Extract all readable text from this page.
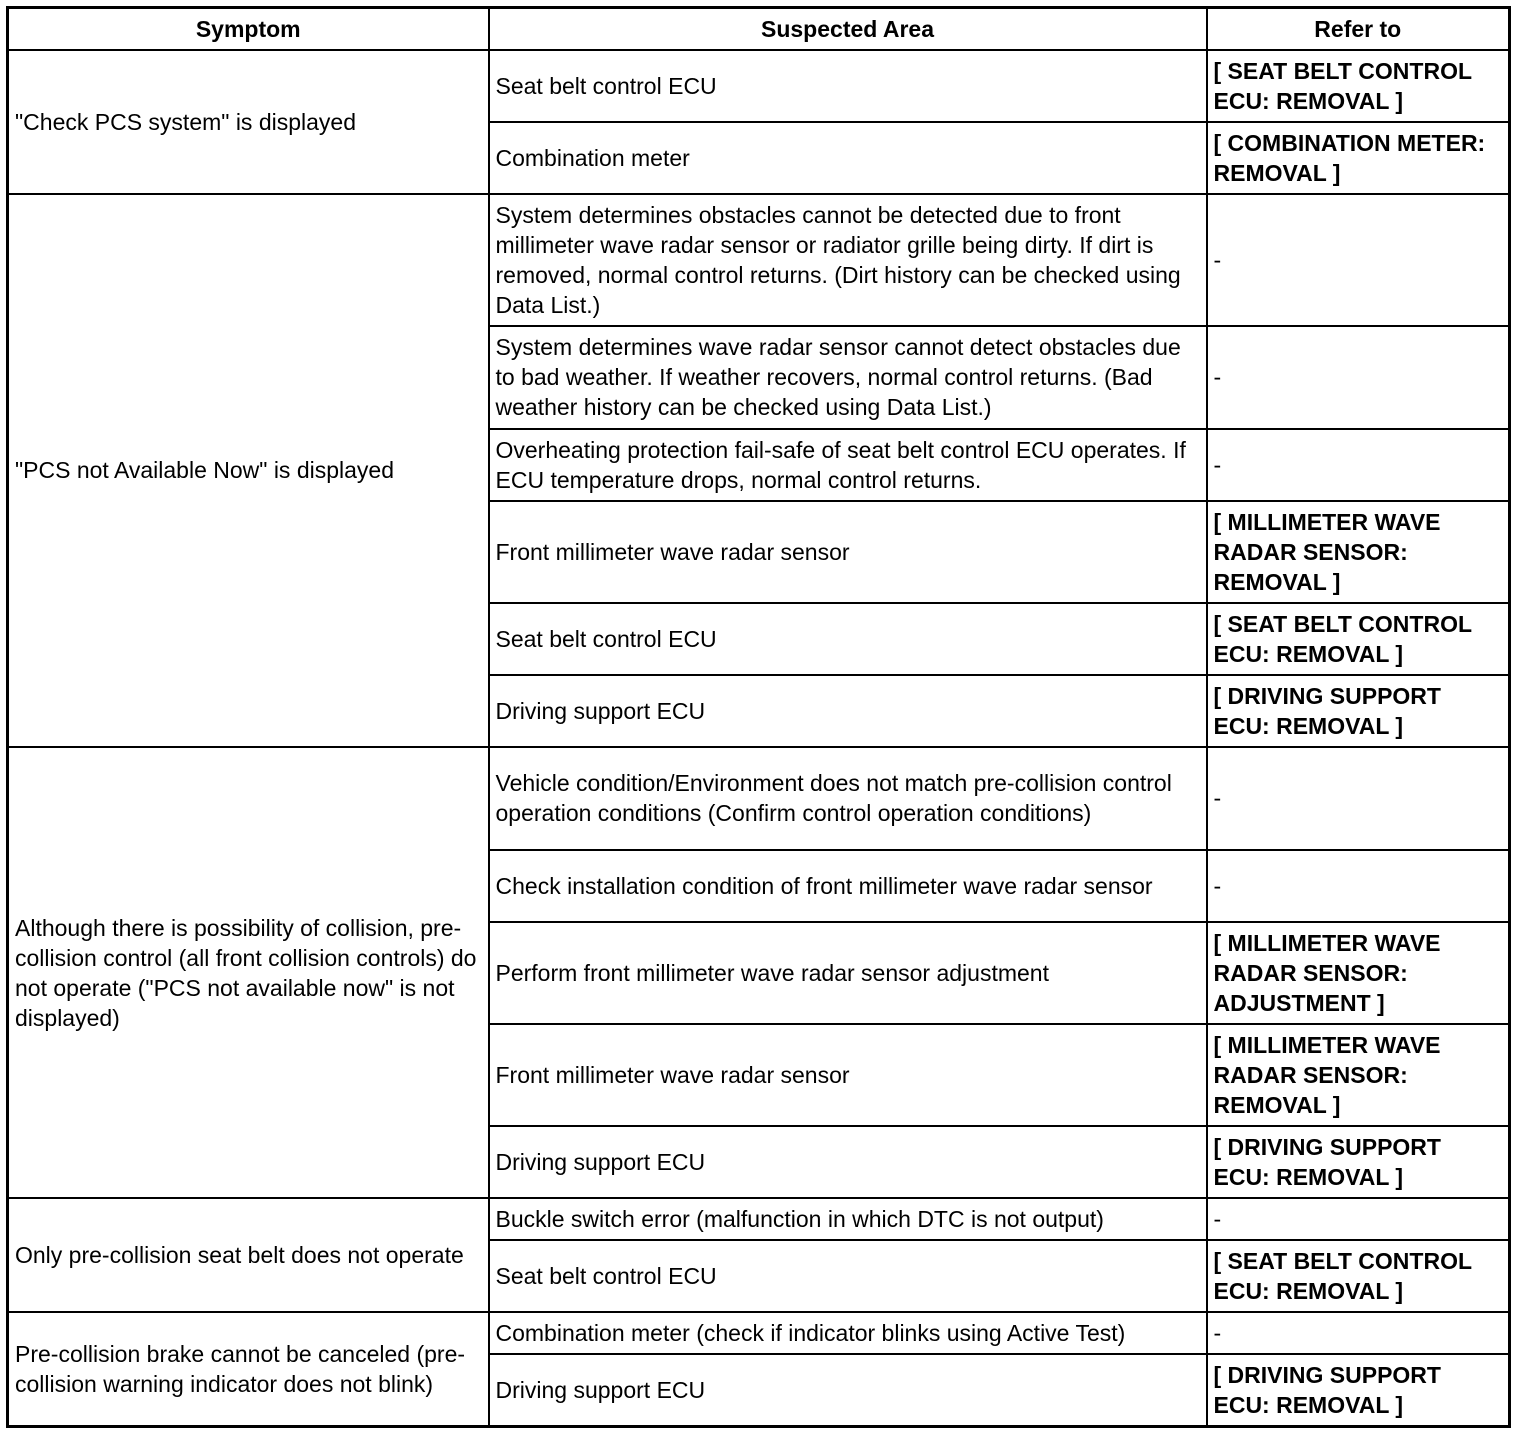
Symptom	Suspected Area	Refer to
"Check PCS system" is displayed	Seat belt control ECU	[ SEAT BELT CONTROL ECU: REMOVAL ]
	Combination meter	[ COMBINATION METER: REMOVAL ]
"PCS not Available Now" is displayed	System determines obstacles cannot be detected due to front millimeter wave radar sensor or radiator grille being dirty. If dirt is removed, normal control returns. (Dirt history can be checked using Data List.)	-
	System determines wave radar sensor cannot detect obstacles due to bad weather. If weather recovers, normal control returns. (Bad weather history can be checked using Data List.)	-
	Overheating protection fail-safe of seat belt control ECU operates. If ECU temperature drops, normal control returns.	-
	Front millimeter wave radar sensor	[ MILLIMETER WAVE RADAR SENSOR: REMOVAL ]
	Seat belt control ECU	[ SEAT BELT CONTROL ECU: REMOVAL ]
	Driving support ECU	[ DRIVING SUPPORT ECU: REMOVAL ]
Although there is possibility of collision, pre-collision control (all front collision controls) do not operate ("PCS not available now" is not displayed)	Vehicle condition/Environment does not match pre-collision control operation conditions (Confirm control operation conditions)	-
	Check installation condition of front millimeter wave radar sensor	-
	Perform front millimeter wave radar sensor adjustment	[ MILLIMETER WAVE RADAR SENSOR: ADJUSTMENT ]
	Front millimeter wave radar sensor	[ MILLIMETER WAVE RADAR SENSOR: REMOVAL ]
	Driving support ECU	[ DRIVING SUPPORT ECU: REMOVAL ]
Only pre-collision seat belt does not operate	Buckle switch error (malfunction in which DTC is not output)	-
	Seat belt control ECU	[ SEAT BELT CONTROL ECU: REMOVAL ]
Pre-collision brake cannot be canceled (pre-collision warning indicator does not blink)	Combination meter (check if indicator blinks using Active Test)	-
	Driving support ECU	[ DRIVING SUPPORT ECU: REMOVAL ]
